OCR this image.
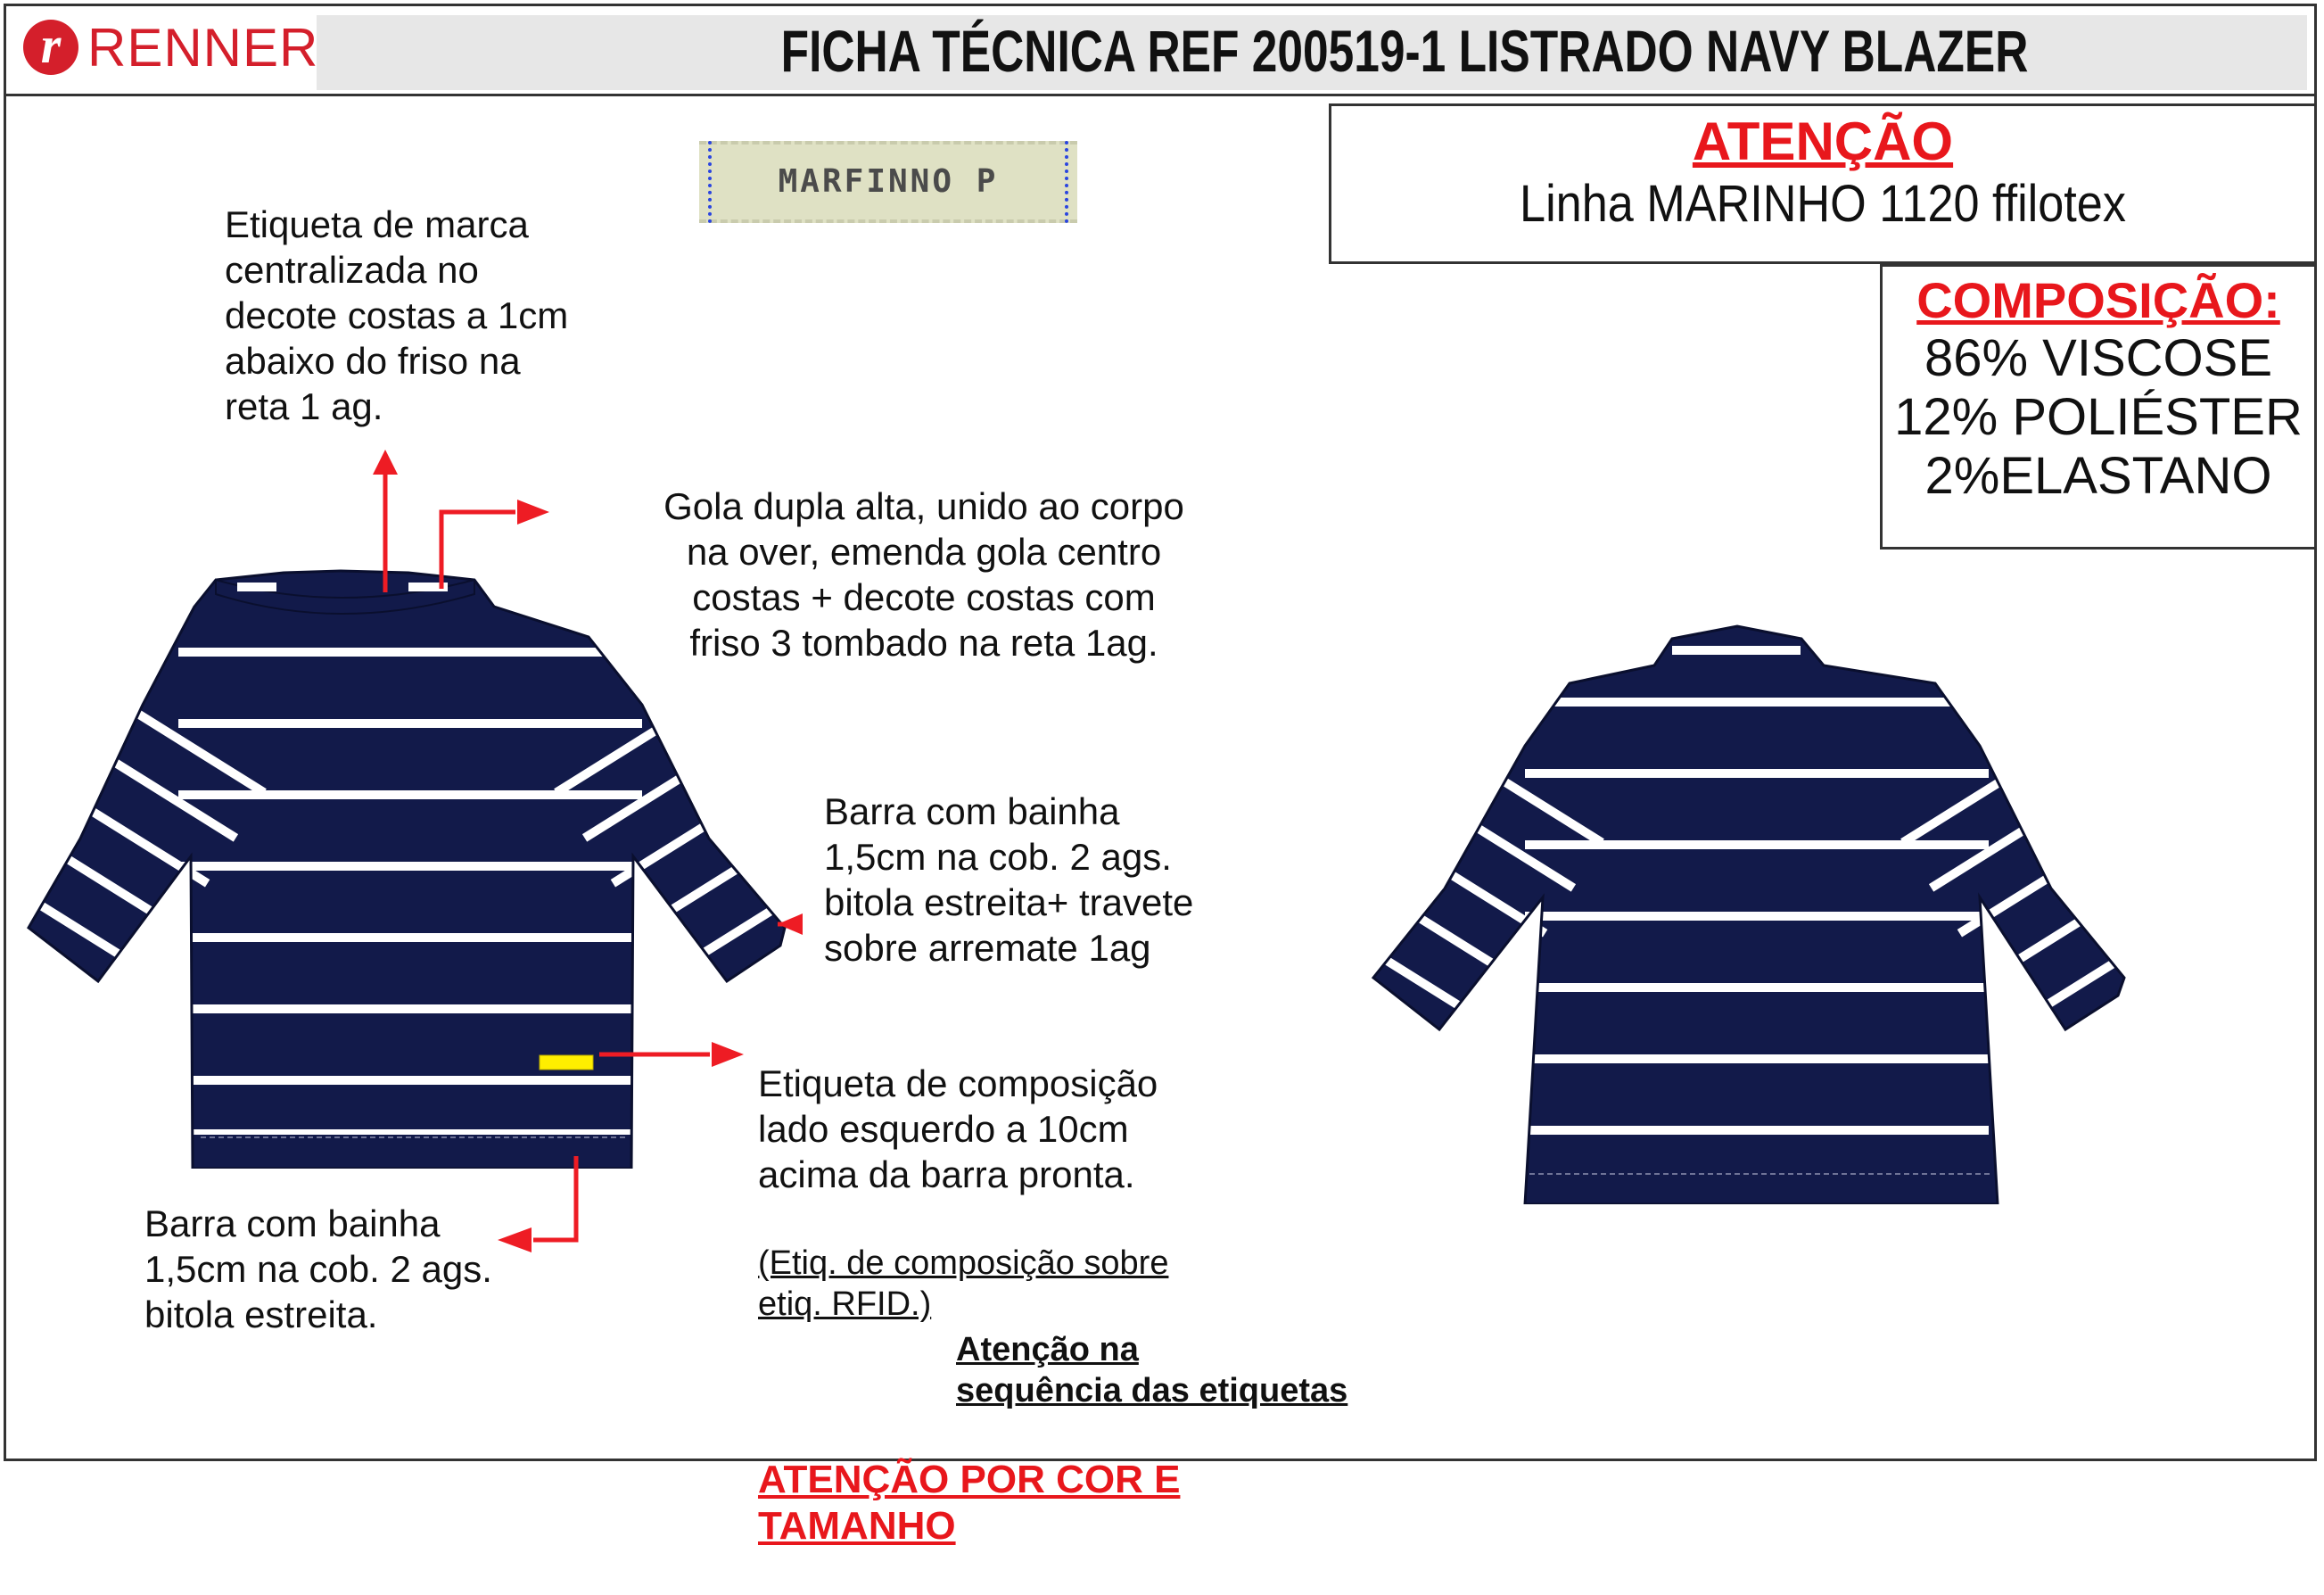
r RENNER	FICHA TÉCNICA REF 200519-1 LISTRADO NAVY BLAZER
ATENÇÃO
Linha MARINHO 1120 ffilotex
COMPOSIÇÃO:
86% VISCOSE
12% POLIÉSTER
2%ELASTANO
MARFINNO P
Etiqueta de marca
centralizada no
decote costas a 1cm
abaixo do friso na
reta 1 ag.
Gola dupla alta, unido ao corpo
na over, emenda gola centro
costas + decote costas com
friso 3 tombado na reta 1ag.
Barra com bainha
1,5cm na cob. 2 ags.
bitola estreita+ travete
sobre arremate 1ag

Etiqueta de composição
lado esquerdo a 10cm
acima da barra pronta.

(Etiq. de composição sobre
etiq. RFID.)

Atenção na
sequência das etiquetas

ATENÇÃO POR COR E
TAMANHO

Barra com bainha
1,5cm na cob. 2 ags.
bitola estreita.
